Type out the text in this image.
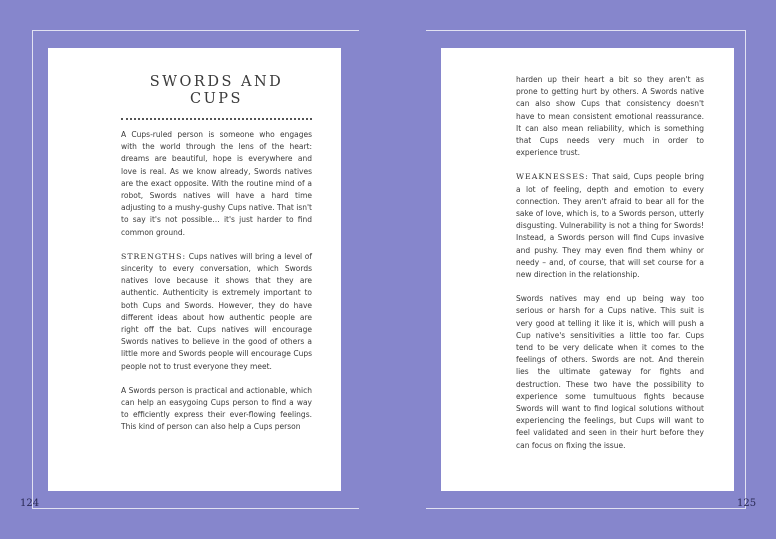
SWORDS AND
CUPS

A Cups-ruled person is someone who engages with the world through the lens of the heart: dreams are beautiful, hope is everywhere and love is real. As we know already, Swords natives are the exact opposite. With the routine mind of a robot, Swords natives will have a hard time adjusting to a mushy-gushy Cups native. That isn't to say it's not possible… it's just harder to find common ground.

STRENGTHS: Cups natives will bring a level of sincerity to every conversation, which Swords natives love because it shows that they are authentic. Authenticity is extremely important to both Cups and Swords. However, they do have different ideas about how authentic people are right off the bat. Cups natives will encourage Swords natives to believe in the good of others a little more and Swords people will encourage Cups people not to trust everyone they meet.

A Swords person is practical and actionable, which can help an easygoing Cups person to find a way to efficiently express their ever-flowing feelings. This kind of person can also help a Cups person

harden up their heart a bit so they aren't as prone to getting hurt by others. A Swords native can also show Cups that consistency doesn't have to mean consistent emotional reassurance. It can also mean reliability, which is something that Cups needs very much in order to experience trust.

WEAKNESSES: That said, Cups people bring a lot of feeling, depth and emotion to every connection. They aren't afraid to bear all for the sake of love, which is, to a Swords person, utterly disgusting. Vulnerability is not a thing for Swords! Instead, a Swords person will find Cups invasive and pushy. They may even find them whiny or needy – and, of course, that will set course for a new direction in the relationship.

Swords natives may end up being way too serious or harsh for a Cups native. This suit is very good at telling it like it is, which will push a Cup native's sensitivities a little too far. Cups tend to be very delicate when it comes to the feelings of others. Swords are not. And therein lies the ultimate gateway for fights and destruction. These two have the possibility to experience some tumultuous fights because Swords will want to find logical solutions without experiencing the feelings, but Cups will want to feel validated and seen in their hurt before they can focus on fixing the issue.

124	125
